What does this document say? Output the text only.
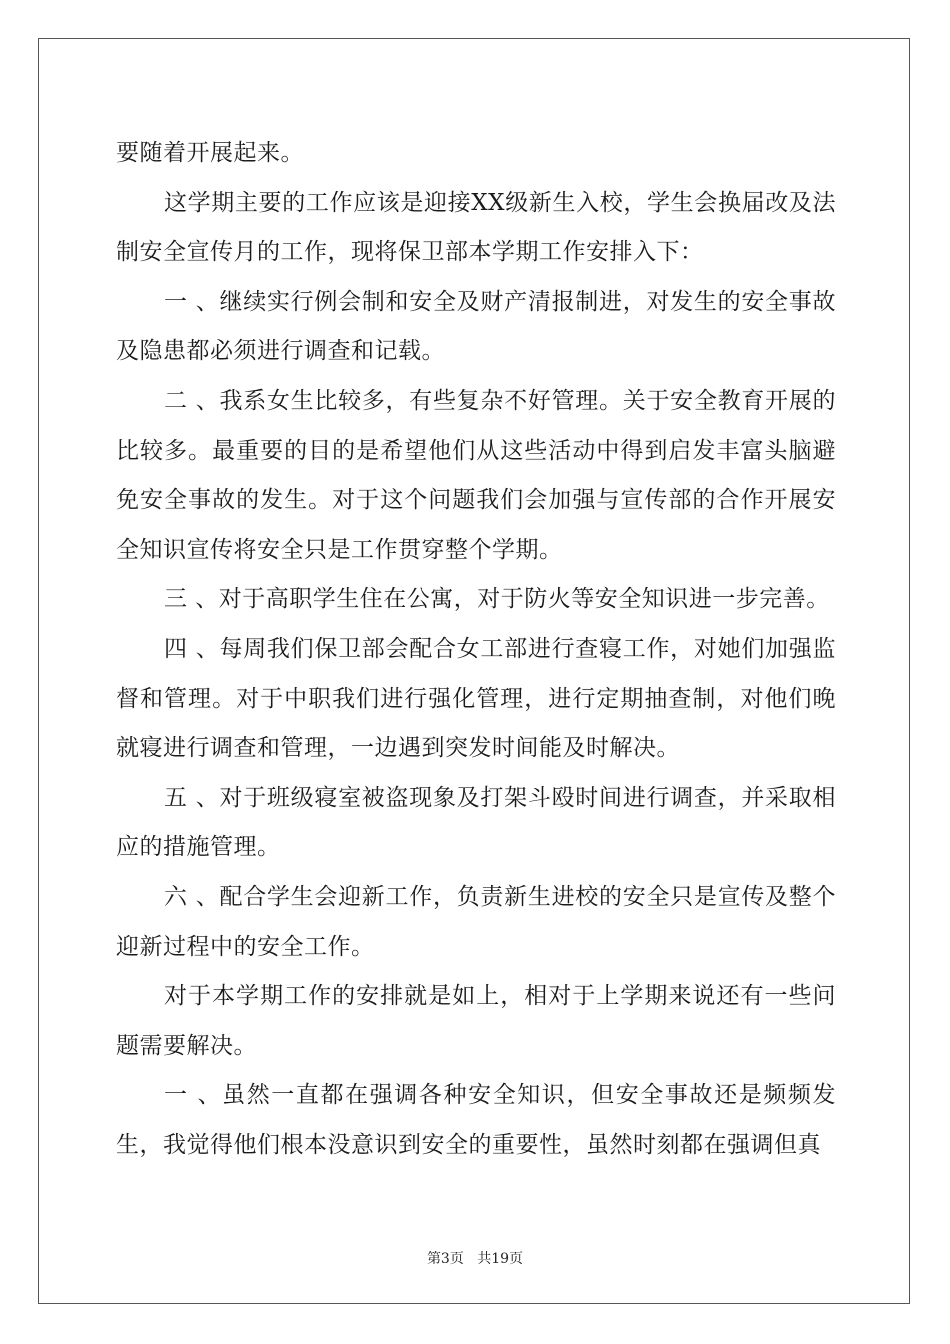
要随着开展起来。

这学期主要的工作应该是迎接XX级新生入校，学生会换届改及法制安全宣传月的工作，现将保卫部本学期工作安排入下：

一 、继续实行例会制和安全及财产清报制进，对发生的安全事故及隐患都必须进行调查和记载。

二 、我系女生比较多，有些复杂不好管理。关于安全教育开展的比较多。最重要的目的是希望他们从这些活动中得到启发丰富头脑避免安全事故的发生。对于这个问题我们会加强与宣传部的合作开展安全知识宣传将安全只是工作贯穿整个学期。

三 、对于高职学生住在公寓，对于防火等安全知识进一步完善。

四 、每周我们保卫部会配合女工部进行查寝工作，对她们加强监督和管理。对于中职我们进行强化管理，进行定期抽查制，对他们晚就寝进行调查和管理，一边遇到突发时间能及时解决。

五 、对于班级寝室被盗现象及打架斗殴时间进行调查，并采取相应的措施管理。

六 、配合学生会迎新工作，负责新生进校的安全只是宣传及整个迎新过程中的安全工作。

对于本学期工作的安排就是如上，相对于上学期来说还有一些问题需要解决。

一 、虽然一直都在强调各种安全知识，但安全事故还是频频发生，我觉得他们根本没意识到安全的重要性，虽然时刻都在强调但真

第3页 共19页
